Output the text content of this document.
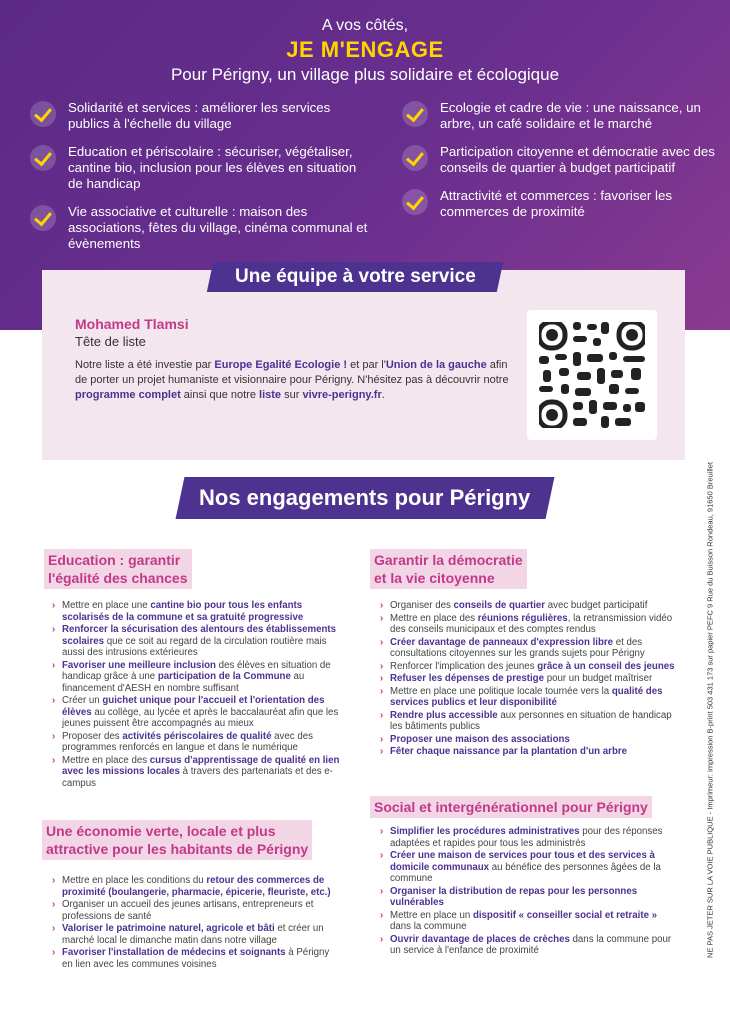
A vos côtés,
JE M'ENGAGE
Pour Périgny, un village plus solidaire et écologique
Solidarité et services : améliorer les services publics à l'échelle du village
Education et périscolaire : sécuriser, végétaliser, cantine bio, inclusion pour les élèves en situation de handicap
Vie associative et culturelle : maison des associations, fêtes du village, cinéma communal et évènements
Ecologie et cadre de vie : une naissance, un arbre, un café solidaire et le marché
Participation citoyenne et démocratie avec des conseils de quartier à budget participatif
Attractivité et commerces : favoriser les commerces de proximité
Une équipe à votre service
Mohamed Tlamsi
Tête de liste
Notre liste a été investie par Europe Egalité Ecologie ! et par l'Union de la gauche afin de porter un projet humaniste et visionnaire pour Périgny. N'hésitez pas à découvrir notre programme complet ainsi que notre liste sur vivre-perigny.fr.
Nos engagements pour Périgny
Education : garantir
l'égalité des chances
› Mettre en place une cantine bio pour tous les enfants scolarisés de la commune et sa gratuité progressive
› Renforcer la sécurisation des alentours des établissements scolaires que ce soit au regard de la circulation routière mais aussi des intrusions extérieures
› Favoriser une meilleure inclusion des élèves en situation de handicap grâce à une participation de la Commune au financement d'AESH en nombre suffisant
› Créer un guichet unique pour l'accueil et l'orientation des élèves au collège, au lycée et après le baccalauréat afin que les jeunes puissent être accompagnés au mieux
› Proposer des activités périscolaires de qualité avec des programmes renforcés en langue et dans le numérique
› Mettre en place des cursus d'apprentissage de qualité en lien avec les missions locales à travers des partenariats et des e-campus
Une économie verte, locale et plus
attractive pour les habitants de Périgny
› Mettre en place les conditions du retour des commerces de proximité (boulangerie, pharmacie, épicerie, fleuriste, etc.)
› Organiser un accueil des jeunes artisans, entrepreneurs et professions de santé
› Valoriser le patrimoine naturel, agricole et bâti et créer un marché local le dimanche matin dans notre village
› Favoriser l'installation de médecins et soignants à Périgny en lien avec les communes voisines
Garantir la démocratie
et la vie citoyenne
› Organiser des conseils de quartier avec budget participatif
› Mettre en place des réunions régulières, la retransmission vidéo des conseils municipaux et des comptes rendus
› Créer davantage de panneaux d'expression libre et des consultations citoyennes sur les grands sujets pour Périgny
› Renforcer l'implication des jeunes grâce à un conseil des jeunes
› Refuser les dépenses de prestige pour un budget maîtriser
› Mettre en place une politique locale tournée vers la qualité des services publics et leur disponibilité
› Rendre plus accessible aux personnes en situation de handicap les bâtiments publics
› Proposer une maison des associations
› Fêter chaque naissance par la plantation d'un arbre
Social et intergénérationnel pour Périgny
› Simplifier les procédures administratives pour des réponses adaptées et rapides pour tous les administrés
› Créer une maison de services pour tous et des services à domicile communaux au bénéfice des personnes âgées de la commune
› Organiser la distribution de repas pour les personnes vulnérables
› Mettre en place un dispositif « conseiller social et retraite » dans la commune
› Ouvrir davantage de places de crèches dans la commune pour un service à l'enfance de proximité	NE PAS JETER SUR LA VOIE PUBLIQUE - Imprimeur: impression B-print 503 431 173 sur papier PEFC 9 Rue du Buisson Rondeau, 91650 Breuillet
